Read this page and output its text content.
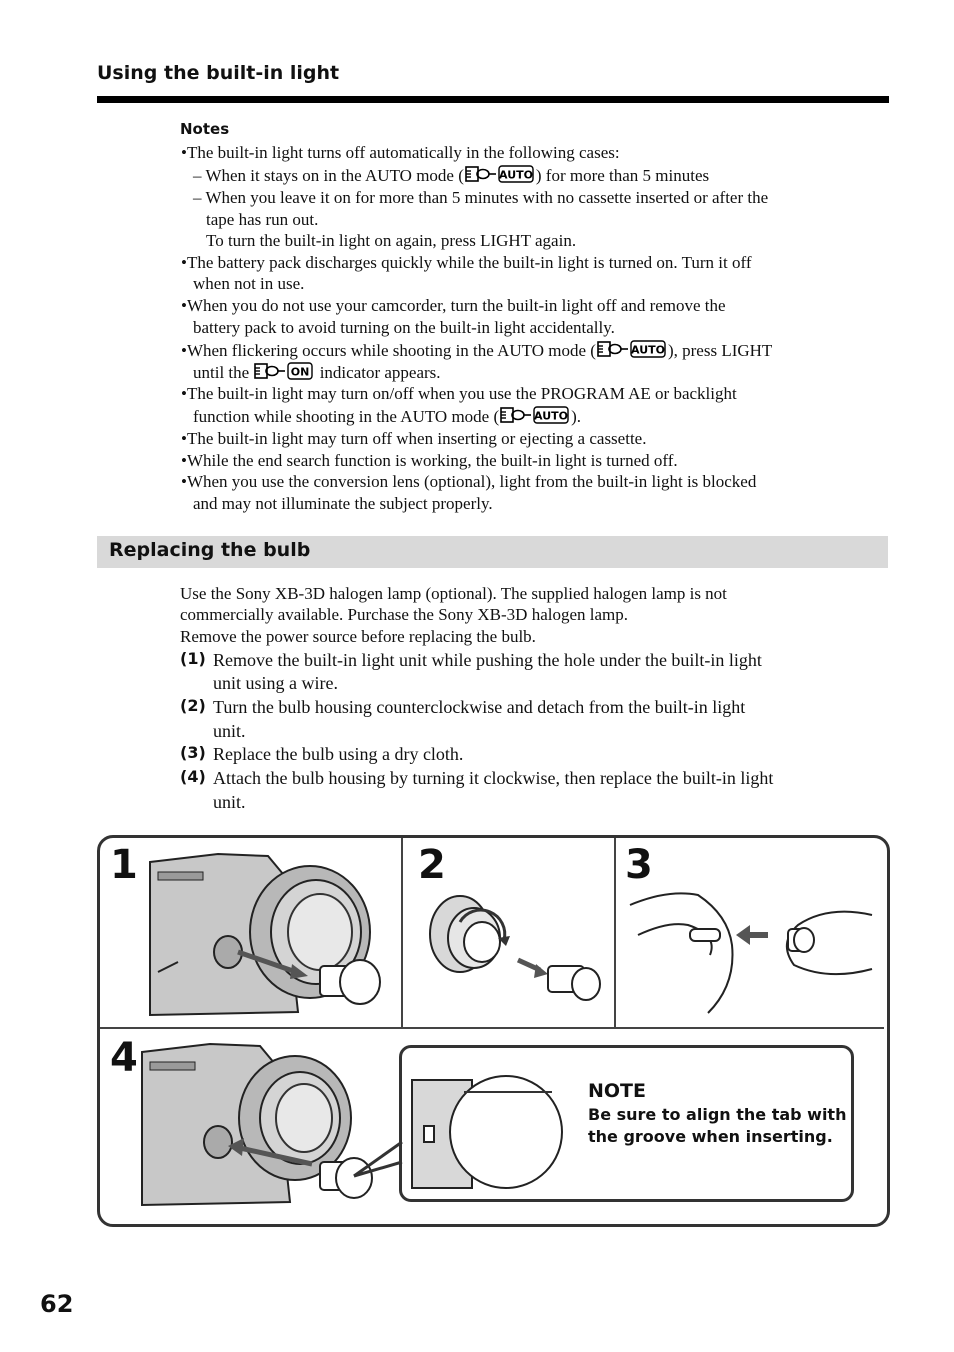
Using the built-in light
Notes
•The built-in light turns off automatically in the following cases:
– When it stays on in the AUTO mode (	AUTO ) for more than 5 minutes
– When you leave it on for more than 5 minutes with no cassette inserted or after the
tape has run out.
To turn the built-in light on again, press LIGHT again.
•The battery pack discharges quickly while the built-in light is turned on. Turn it off
when not in use.
•When you do not use your camcorder, turn the built-in light off and remove the
battery pack to avoid turning on the built-in light accidentally.
•When flickering occurs while shooting in the AUTO mode (	AUTO ), press LIGHT
until the	ON indicator appears.
•The built-in light may turn on/off when you use the PROGRAM AE or backlight
function while shooting in the AUTO mode (	AUTO ).
•The built-in light may turn off when inserting or ejecting a cassette.
•While the end search function is working, the built-in light is turned off.
•When you use the conversion lens (optional), light from the built-in light is blocked
and may not illuminate the subject properly.
Replacing the bulb
Use the Sony XB-3D halogen lamp (optional). The supplied halogen lamp is not
commercially available. Purchase the Sony XB-3D halogen lamp.
Remove the power source before replacing the bulb.
(1) Remove the built-in light unit while pushing the hole under the built-in light
unit using a wire.
(2) Turn the bulb housing counterclockwise and detach from the built-in light
unit.
(3) Replace the bulb using a dry cloth.
(4) Attach the bulb housing by turning it clockwise, then replace the built-in light
unit.
NOTE
Be sure to align the tab with
the groove when inserting.
1	2	3
4
62
